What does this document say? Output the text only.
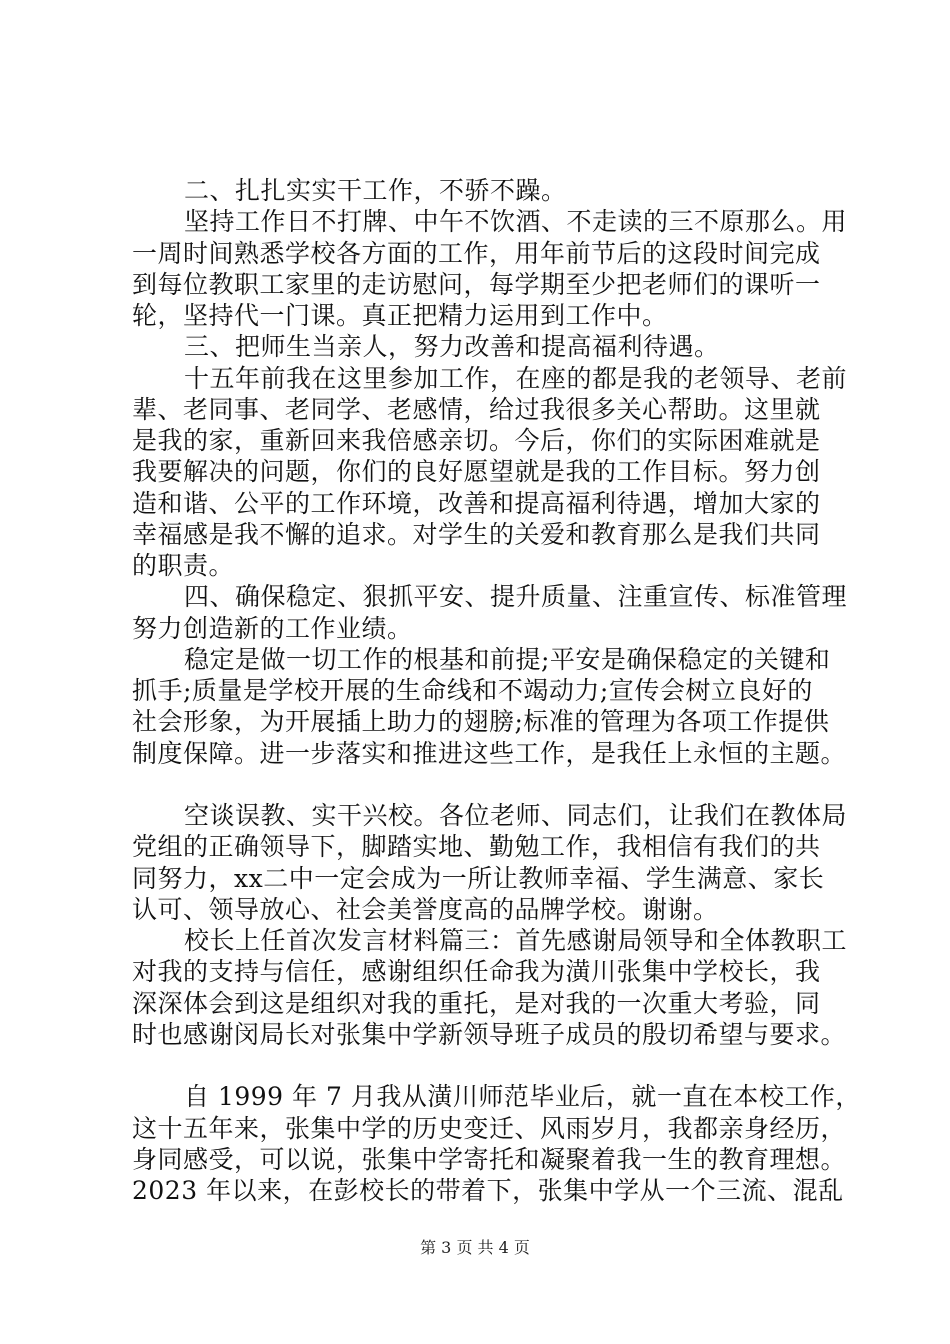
二、扎扎实实干工作，不骄不躁。
坚持工作日不打牌、中午不饮酒、不走读的三不原那么。用
一周时间熟悉学校各方面的工作，用年前节后的这段时间完成
到每位教职工家里的走访慰问，每学期至少把老师们的课听一
轮，坚持代一门课。真正把精力运用到工作中。
三、把师生当亲人，努力改善和提高福利待遇。
十五年前我在这里参加工作，在座的都是我的老领导、老前
辈、老同事、老同学、老感情，给过我很多关心帮助。这里就
是我的家，重新回来我倍感亲切。今后，你们的实际困难就是
我要解决的问题，你们的良好愿望就是我的工作目标。努力创
造和谐、公平的工作环境，改善和提高福利待遇，增加大家的
幸福感是我不懈的追求。对学生的关爱和教育那么是我们共同
的职责。
四、确保稳定、狠抓平安、提升质量、注重宣传、标准管理
努力创造新的工作业绩。
稳定是做一切工作的根基和前提;平安是确保稳定的关键和
抓手;质量是学校开展的生命线和不竭动力;宣传会树立良好的
社会形象，为开展插上助力的翅膀;标准的管理为各项工作提供
制度保障。进一步落实和推进这些工作，是我任上永恒的主题。
空谈误教、实干兴校。各位老师、同志们，让我们在教体局
党组的正确领导下，脚踏实地、勤勉工作，我相信有我们的共
同努力，xx二中一定会成为一所让教师幸福、学生满意、家长
认可、领导放心、社会美誉度高的品牌学校。谢谢。
校长上任首次发言材料篇三：首先感谢局领导和全体教职工
对我的支持与信任，感谢组织任命我为潢川张集中学校长，我
深深体会到这是组织对我的重托，是对我的一次重大考验，同
时也感谢闵局长对张集中学新领导班子成员的殷切希望与要求。
自 1999 年 7 月我从潢川师范毕业后，就一直在本校工作，
这十五年来，张集中学的历史变迁、风雨岁月，我都亲身经历，
身同感受，可以说，张集中学寄托和凝聚着我一生的教育理想。
2023 年以来，在彭校长的带着下，张集中学从一个三流、混乱
第 3 页 共 4 页
